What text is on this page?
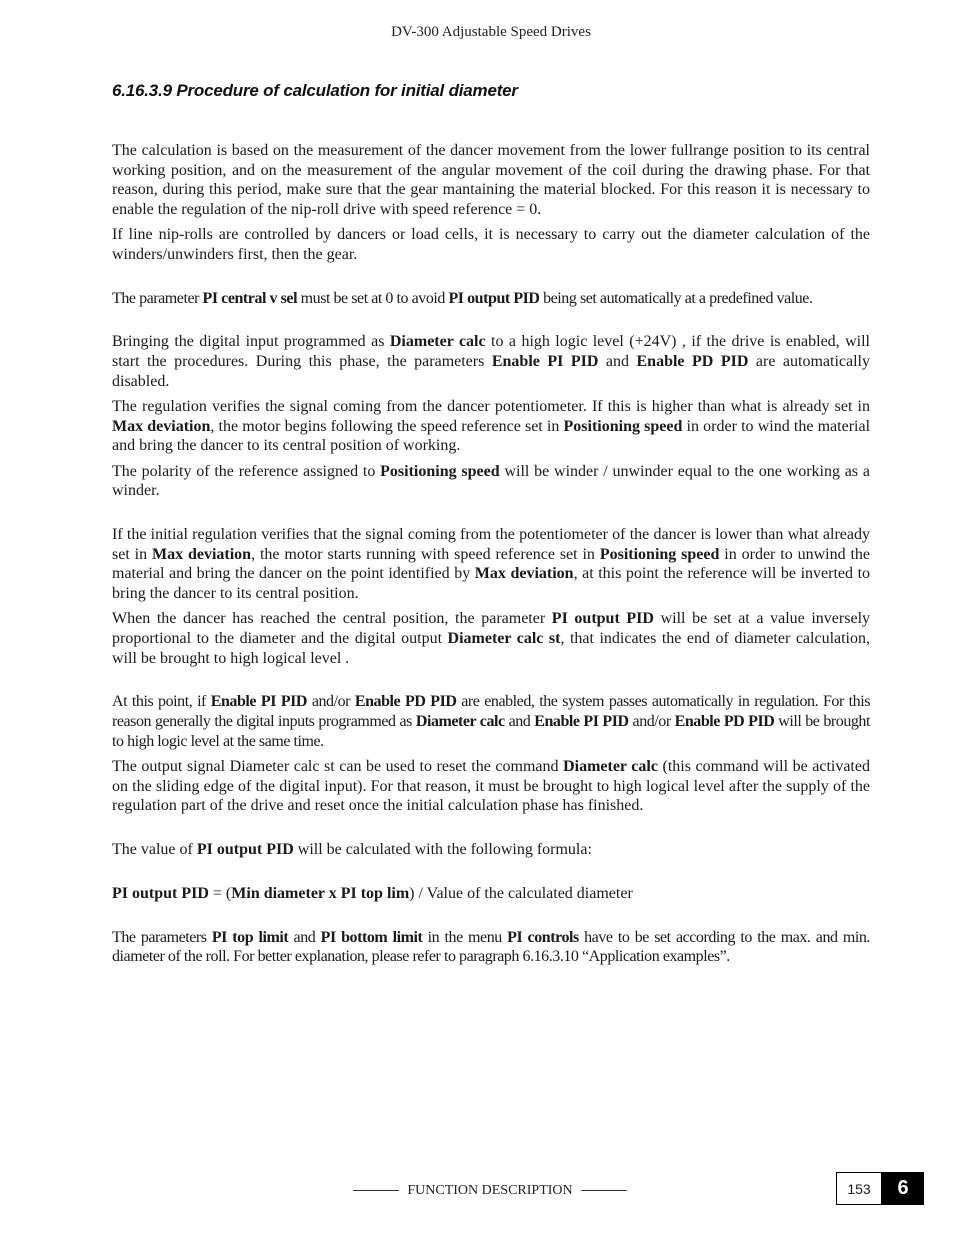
DV-300 Adjustable Speed Drives
6.16.3.9 Procedure of calculation for initial diameter

The calculation is based on the measurement of the dancer movement from the lower fullrange position to its central working position, and on the measurement of the angular movement of the coil during the drawing phase. For that reason, during this period, make sure that the gear mantaining the material blocked. For this reason it is necessary to enable the regulation of the nip-roll drive with speed reference = 0.

If line nip-rolls are controlled by dancers or load cells, it is necessary to carry out the diameter calculation of the winders/unwinders first, then the gear.

The parameter PI central v sel must be set at 0 to avoid PI output PID being set automatically at a predefined value.

Bringing the digital input programmed as Diameter calc to a high logic level (+24V) , if the drive is enabled, will start the procedures. During this phase, the parameters Enable PI PID and Enable PD PID are automatically disabled.

The regulation verifies the signal coming from the dancer potentiometer. If this is higher than what is already set in Max deviation, the motor begins following the speed reference set in Positioning speed in order to wind the material and bring the dancer to its central position of working.

The polarity of the reference assigned to Positioning speed will be winder / unwinder equal to the one working as a winder.

If the initial regulation verifies that the signal coming from the potentiometer of the dancer is lower than what already set in Max deviation, the motor starts running with speed reference set in Positioning speed in order to unwind the material and bring the dancer on the point identified by Max deviation, at this point the reference will be inverted to bring the dancer to its central position.

When the dancer has reached the central position, the parameter PI output PID will be set at a value inversely proportional to the diameter and the digital output Diameter calc st, that indicates the end of diameter calculation, will be brought to high logical level .

At this point, if Enable PI PID and/or Enable PD PID are enabled, the system passes automatically in regulation. For this reason generally the digital inputs programmed as Diameter calc and Enable PI PID and/or Enable PD PID will be brought to high logic level at the same time.

The output signal Diameter calc st can be used to reset the command Diameter calc (this command will be activated on the sliding edge of the digital input). For that reason, it must be brought to high logical level after the supply of the regulation part of the drive and reset once the initial calculation phase has finished.

The value of PI output PID will be calculated with the following formula:

PI output PID = (Min diameter x PI top lim) / Value of the calculated diameter

The parameters PI top limit and PI bottom limit in the menu PI controls have to be set according to the max. and min. diameter of the roll. For better explanation, please refer to paragraph 6.16.3.10 “Application examples”.

FUNCTION DESCRIPTION	153	6
